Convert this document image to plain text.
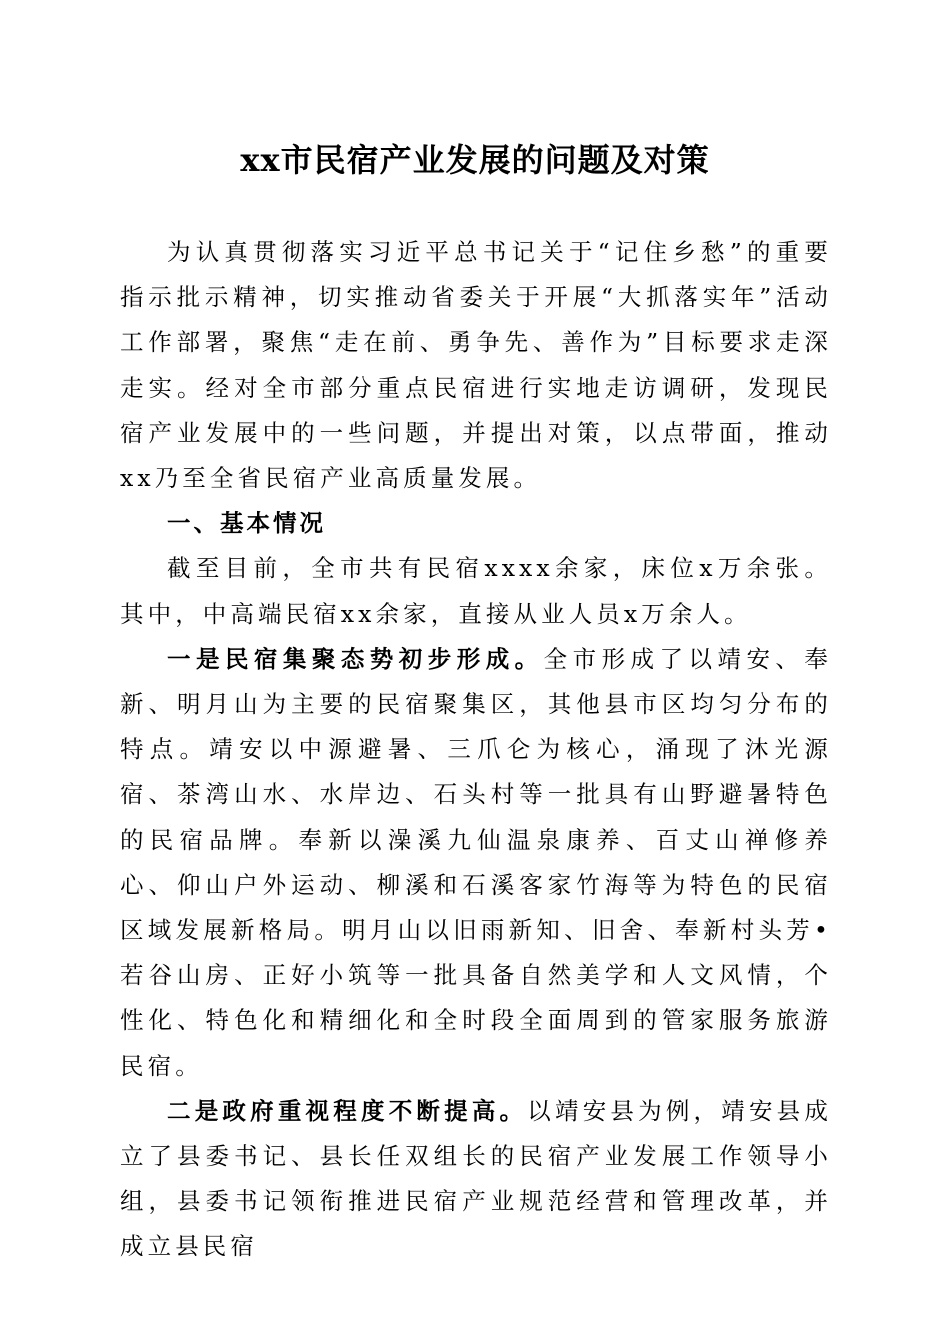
xx市民宿产业发展的问题及对策

为认真贯彻落实习近平总书记关于“记住乡愁”的重要指示批示精神，切实推动省委关于开展“大抓落实年”活动工作部署，聚焦“走在前、勇争先、善作为”目标要求走深走实。经对全市部分重点民宿进行实地走访调研，发现民宿产业发展中的一些问题，并提出对策，以点带面，推动xx乃至全省民宿产业高质量发展。

一、基本情况

截至目前，全市共有民宿xxxx余家，床位x万余张。其中，中高端民宿xx余家，直接从业人员x万余人。

一是民宿集聚态势初步形成。全市形成了以靖安、奉新、明月山为主要的民宿聚集区，其他县市区均匀分布的特点。靖安以中源避暑、三爪仑为核心，涌现了沐光源宿、茶湾山水、水岸边、石头村等一批具有山野避暑特色的民宿品牌。奉新以澡溪九仙温泉康养、百丈山禅修养心、仰山户外运动、柳溪和石溪客家竹海等为特色的民宿区域发展新格局。明月山以旧雨新知、旧舍、奉新村头芳•若谷山房、正好小筑等一批具备自然美学和人文风情，个性化、特色化和精细化和全时段全面周到的管家服务旅游民宿。

二是政府重视程度不断提高。以靖安县为例，靖安县成立了县委书记、县长任双组长的民宿产业发展工作领导小组，县委书记领衔推进民宿产业规范经营和管理改革，并成立县民宿
